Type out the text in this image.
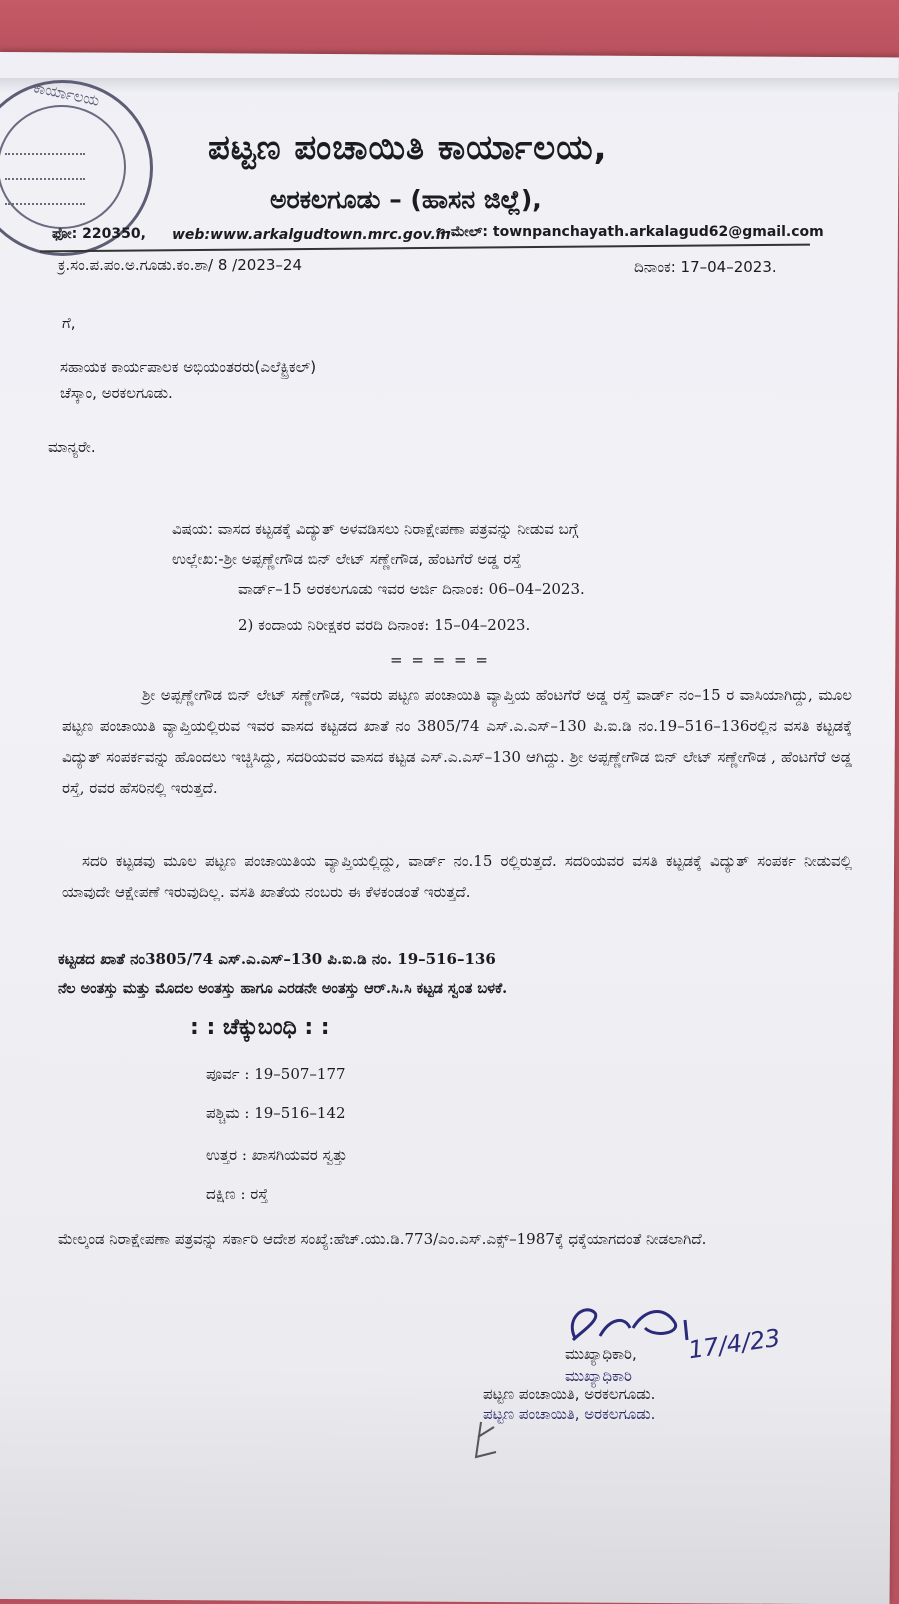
ಕಾರ್ಯಾಲಯ
ಪಟ್ಟಣ ಪಂಚಾಯಿತಿ ಕಾರ್ಯಾಲಯ,
ಅರಕಲಗೂಡು – (ಹಾಸನ ಜಿಲ್ಲೆ),
ಫೋ: 220350, web:www.arkalgudtown.mrc.gov.in
ಇ-ಮೇಲ್: townpanchayath.arkalagud62@gmail.com
ಕ್ರ.ಸಂ.ಪ.ಪಂ.ಅ.ಗೂಡು.ಕಂ.ಶಾ/ 8 /2023–24	ದಿನಾಂಕ: 17–04–2023.
ಗೆ,
ಸಹಾಯಕ ಕಾರ್ಯಪಾಲಕ ಅಭಿಯಂತರರು(ಎಲೆಕ್ಟ್ರಿಕಲ್)
ಚೆಸ್ಕಾಂ, ಅರಕಲಗೂಡು.
ಮಾನ್ಯರೇ.
ವಿಷಯ: ವಾಸದ ಕಟ್ಟಡಕ್ಕೆ ವಿದ್ಯುತ್ ಅಳವಡಿಸಲು ನಿರಾಕ್ಷೇಪಣಾ ಪತ್ರವನ್ನು ನೀಡುವ ಬಗ್ಗೆ
ಉಲ್ಲೇಖ:-ಶ್ರೀ ಅಪ್ಪಣ್ಣೇಗೌಡ ಬಿನ್ ಲೇಟ್ ಸಣ್ಣೇಗೌಡ, ಹೆಂಟಗೆರೆ ಅಡ್ಡ ರಸ್ತೆ
ವಾರ್ಡ್–15 ಅರಕಲಗೂಡು ಇವರ ಅರ್ಜಿ ದಿನಾಂಕ: 06–04–2023.
2) ಕಂದಾಯ ನಿರೀಕ್ಷಕರ ವರದಿ ದಿನಾಂಕ: 15–04–2023.
= = = = =
ಶ್ರೀ ಅಪ್ಪಣ್ಣೇಗೌಡ ಬಿನ್ ಲೇಟ್ ಸಣ್ಣೇಗೌಡ, ಇವರು ಪಟ್ಟಣ ಪಂಚಾಯಿತಿ ವ್ಯಾಪ್ತಿಯ ಹೆಂಟಗೆರೆ ಅಡ್ಡ ರಸ್ತೆ ವಾರ್ಡ್ ನಂ–15 ರ ವಾಸಿಯಾಗಿದ್ದು, ಮೂಲ ಪಟ್ಟಣ ಪಂಚಾಯಿತಿ ವ್ಯಾಪ್ತಿಯಲ್ಲಿರುವ ಇವರ ವಾಸದ ಕಟ್ಟಡದ ಖಾತೆ ನಂ 3805/74 ಎಸ್.ಎ.ಎಸ್–130 ಪಿ.ಐ.ಡಿ ನಂ.19–516–136ರಲ್ಲಿನ ವಸತಿ ಕಟ್ಟಡಕ್ಕೆ ವಿದ್ಯುತ್ ಸಂಪರ್ಕವನ್ನು ಹೊಂದಲು ಇಚ್ಚಿಸಿದ್ದು, ಸದರಿಯವರ ವಾಸದ ಕಟ್ಟಡ ಎಸ್.ಎ.ಎಸ್–130 ಆಗಿದ್ದು. ಶ್ರೀ ಅಪ್ಪಣ್ಣೇಗೌಡ ಬಿನ್ ಲೇಟ್ ಸಣ್ಣೇಗೌಡ , ಹೆಂಟಗೆರೆ ಅಡ್ಡ ರಸ್ತೆ, ರವರ ಹೆಸರಿನಲ್ಲಿ ಇರುತ್ತದೆ.
ಸದರಿ ಕಟ್ಟಡವು ಮೂಲ ಪಟ್ಟಣ ಪಂಚಾಯಿತಿಯ ವ್ಯಾಪ್ತಿಯಲ್ಲಿದ್ದು, ವಾರ್ಡ್ ನಂ.15 ರಲ್ಲಿರುತ್ತದೆ. ಸದರಿಯವರ ವಸತಿ ಕಟ್ಟಡಕ್ಕೆ ವಿದ್ಯುತ್ ಸಂಪರ್ಕ ನೀಡುವಲ್ಲಿ ಯಾವುದೇ ಆಕ್ಷೇಪಣೆ ಇರುವುದಿಲ್ಲ. ವಸತಿ ಖಾತೆಯ ನಂಬರು ಈ ಕೆಳಕಂಡಂತೆ ಇರುತ್ತದೆ.
ಕಟ್ಟಡದ ಖಾತೆ ನಂ3805/74 ಎಸ್.ಎ.ಎಸ್–130 ಪಿ.ಐ.ಡಿ ನಂ. 19–516–136
ನೆಲ ಅಂತಸ್ತು ಮತ್ತು ಮೊದಲ ಅಂತಸ್ತು ಹಾಗೂ ಎರಡನೇ ಅಂತಸ್ತು ಆರ್.ಸಿ.ಸಿ ಕಟ್ಟಡ ಸ್ವಂತ ಬಳಕೆ.
: : ಚೆಕ್ಕುಬಂಧಿ : :
ಪೂರ್ವ : 19–507–177
ಪಶ್ಚಿಮ : 19–516–142
ಉತ್ತರ : ಖಾಸಗಿಯವರ ಸ್ವತ್ತು
ದಕ್ಷಿಣ : ರಸ್ತೆ
ಮೇಲ್ಕಂಡ ನಿರಾಕ್ಷೇಪಣಾ ಪತ್ರವನ್ನು ಸರ್ಕಾರಿ ಆದೇಶ ಸಂಖ್ಯೆ:ಹೆಚ್.ಯು.ಡಿ.773/ಎಂ.ಎಸ್.ಎಕ್ಸ್–1987ಕ್ಕೆ ಧಕ್ಕೆಯಾಗದಂತೆ ನೀಡಲಾಗಿದೆ.
17/4/23
ಮುಖ್ಯಾಧಿಕಾರಿ,
ಮುಖ್ಯಾಧಿಕಾರಿ
ಪಟ್ಟಣ ಪಂಚಾಯಿತಿ, ಅರಕಲಗೂಡು.
ಪಟ್ಟಣ ಪಂಚಾಯಿತಿ, ಅರಕಲಗೂಡು.
